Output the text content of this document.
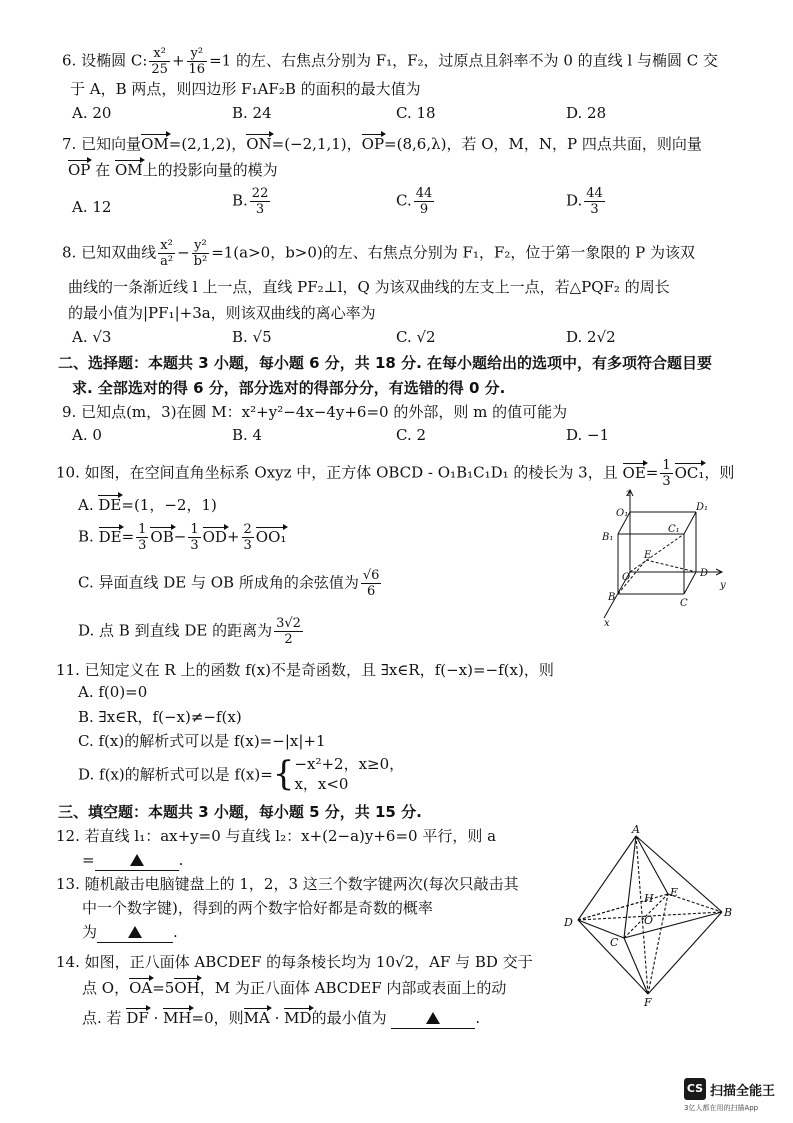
6. 设椭圆 C: $\frac{\text{x²}}{25} + \frac{\text{y²}}{16} =1$ 的左、右焦点分别为 F₁，F₂，过原点且斜率不为 0 的直线 l 与椭圆 C 交
于 A，B 两点，则四边形 F₁AF₂B 的面积的最大值为
A. 20	B. 24	C. 18	D. 28
7. 已知向量OM=(2,1,2)，ON=(−2,1,1)，OP=(8,6,λ)，若 O，M，N，P 四点共面，则向量
OP 在 OM上的投影向量的模为
A. 12	B. $\frac{22}{3}$	C. $\frac{44}{9}$	D. $\frac{44}{3}$
8. 已知双曲线 $\frac{\text{x²}}{\text{a²}} - \frac{\text{y²}}{\text{b²}} =1(a>0$，b>0)的左、右焦点分别为 F₁，F₂，位于第一象限的 P 为该双
曲线的一条渐近线 l 上一点，直线 PF₂⊥l，Q 为该双曲线的左支上一点，若△PQF₂ 的周长
的最小值为|PF₁|+3a，则该双曲线的离心率为
A. √3	B. √5	C. √2	D. 2√2
二、选择题：本题共 3 小题，每小题 6 分，共 18 分. 在每小题给出的选项中，有多项符合题目要
求. 全部选对的得 6 分，部分选对的得部分分，有选错的得 0 分.
9. 已知点(m，3)在圆 M：x²+y²−4x−4y+6=0 的外部，则 m 的值可能为
A. 0	B. 4	C. 2	D. −1
10. 如图，在空间直角坐标系 Oxyz 中，正方体 OBCD - O₁B₁C₁D₁ 的棱长为 3，且 $OE= \frac{1}{3} OC_1$，则
A. DE=(1，−2，1)
B. $DE= \frac{1}{3} OB- \frac{1}{3} OD+ \frac{2}{3} OO_1$
C. 异面直线 DE 与 OB 所成角的余弦值为 $\frac{√6}{6}$
D. 点 B 到直线 DE 的距离为 $\frac{3√2}{2}$
z
O₁
D₁
C₁
B₁
E
O	D
y
B
C
x
11. 已知定义在 R 上的函数 f(x)不是奇函数，且 ∃x∈R，f(−x)=−f(x)，则
A. f(0)=0
B. ∃x∈R，f(−x)≠−f(x)
C. f(x)的解析式可以是 f(x)=−|x|+1
D. f(x)的解析式可以是 f(x)={ −x²+2，x≥0，
x，x<0
三、填空题：本题共 3 小题，每小题 5 分，共 15 分.
12. 若直线 l₁：ax+y=0 与直线 l₂：x+(2−a)y+6=0 平行，则 a
=	.
13. 随机敲击电脑键盘上的 1，2，3 这三个数字键两次(每次只敲击其
中一个数字键)，得到的两个数字恰好都是奇数的概率
为	.
14. 如图，正八面体 ABCDEF 的每条棱长均为 10√2，AF 与 BD 交于
点 O，OA=5OH，M 为正八面体 ABCDEF 内部或表面上的动
点. 若 DF · MH=0，则MA · MD的最小值为	.
A
H E
D	O
B
C
F
CS 扫描全能王
3亿人都在用的扫描App
